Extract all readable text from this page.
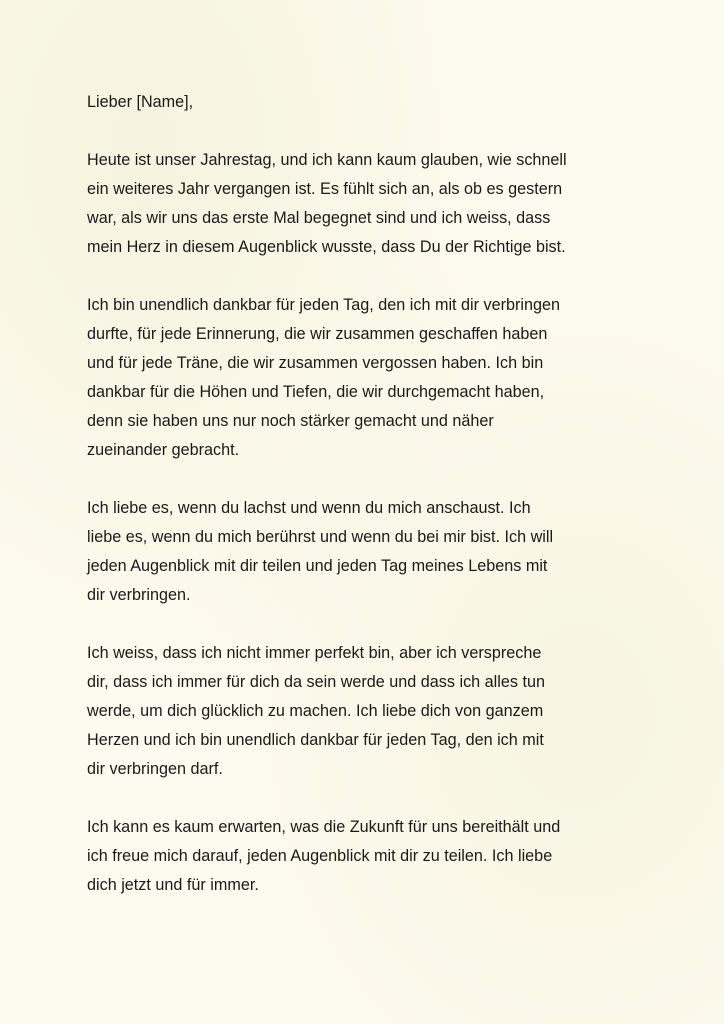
Lieber [Name],
Heute ist unser Jahrestag, und ich kann kaum glauben, wie schnell
ein weiteres Jahr vergangen ist. Es fühlt sich an, als ob es gestern
war, als wir uns das erste Mal begegnet sind und ich weiss, dass
mein Herz in diesem Augenblick wusste, dass Du der Richtige bist.
Ich bin unendlich dankbar für jeden Tag, den ich mit dir verbringen
durfte, für jede Erinnerung, die wir zusammen geschaffen haben
und für jede Träne, die wir zusammen vergossen haben. Ich bin
dankbar für die Höhen und Tiefen, die wir durchgemacht haben,
denn sie haben uns nur noch stärker gemacht und näher
zueinander gebracht.
Ich liebe es, wenn du lachst und wenn du mich anschaust. Ich
liebe es, wenn du mich berührst und wenn du bei mir bist. Ich will
jeden Augenblick mit dir teilen und jeden Tag meines Lebens mit
dir verbringen.
Ich weiss, dass ich nicht immer perfekt bin, aber ich verspreche
dir, dass ich immer für dich da sein werde und dass ich alles tun
werde, um dich glücklich zu machen. Ich liebe dich von ganzem
Herzen und ich bin unendlich dankbar für jeden Tag, den ich mit
dir verbringen darf.
Ich kann es kaum erwarten, was die Zukunft für uns bereithält und
ich freue mich darauf, jeden Augenblick mit dir zu teilen. Ich liebe
dich jetzt und für immer.
